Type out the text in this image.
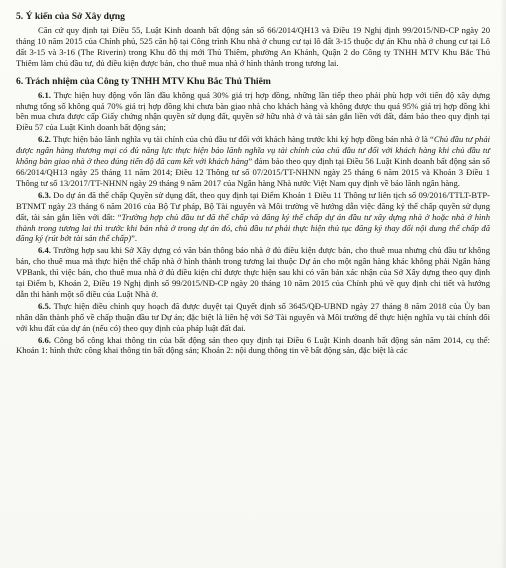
5. Ý kiến của Sở Xây dựng

Căn cứ quy định tại Điều 55, Luật Kinh doanh bất động sản số 66/2014/QH13 và Điều 19 Nghị định 99/2015/NĐ-CP ngày 20 tháng 10 năm 2015 của Chính phủ, 525 căn hộ tại Công trình Khu nhà ở chung cư tại lô đất 3-15 thuộc dự án Khu nhà ở chung cư tại Lô đất 3-15 và 3-16 (The Riverin) trong Khu đô thị mới Thủ Thiêm, phường An Khánh, Quận 2 do Công ty TNHH MTV Khu Bắc Thủ Thiêm làm chủ đầu tư, đủ điều kiện được bán, cho thuê mua nhà ở hình thành trong tương lai.

6. Trách nhiệm của Công ty TNHH MTV Khu Bắc Thủ Thiêm

6.1. Thực hiện huy động vốn lần đầu không quá 30% giá trị hợp đồng, những lần tiếp theo phải phù hợp với tiến độ xây dựng nhưng tổng số không quá 70% giá trị hợp đồng khi chưa bàn giao nhà cho khách hàng và không được thu quá 95% giá trị hợp đồng khi bên mua chưa được cấp Giấy chứng nhận quyền sử dụng đất, quyền sở hữu nhà ở và tài sản gắn liền với đất, đảm bảo theo quy định tại Điều 57 của Luật Kinh doanh bất động sản;

6.2. Thực hiện bảo lãnh nghĩa vụ tài chính của chủ đầu tư đối với khách hàng trước khi ký hợp đồng bán nhà ở là “Chủ đầu tư phải được ngân hàng thương mại có đủ năng lực thực hiện bảo lãnh nghĩa vụ tài chính của chủ đầu tư đối với khách hàng khi chủ đầu tư không bàn giao nhà ở theo đúng tiến độ đã cam kết với khách hàng” đảm bảo theo quy định tại Điều 56 Luật Kinh doanh bất động sản số 66/2014/QH13 ngày 25 tháng 11 năm 2014; Điều 12 Thông tư số 07/2015/TT-NHNN ngày 25 tháng 6 năm 2015 và Khoản 3 Điều 1 Thông tư số 13/2017/TT-NHNN ngày 29 tháng 9 năm 2017 của Ngân hàng Nhà nước Việt Nam quy định về bảo lãnh ngân hàng.

6.3. Do dự án đã thế chấp Quyền sử dụng đất, theo quy định tại Điểm Khoản 1 Điều 11 Thông tư liên tịch số 09/2016/TTLT-BTP-BTNMT ngày 23 tháng 6 năm 2016 của Bộ Tư pháp, Bộ Tài nguyên và Môi trường về hướng dẫn việc đăng ký thế chấp quyền sử dụng đất, tài sản gắn liền với đất: “Trường hợp chủ đầu tư đã thế chấp và đăng ký thế chấp dự án đầu tư xây dựng nhà ở hoặc nhà ở hình thành trong tương lai thì trước khi bán nhà ở trong dự án đó, chủ đầu tư phải thực hiện thủ tục đăng ký thay đổi nội dung thế chấp đã đăng ký (rút bớt tài sản thế chấp)”.

6.4. Trường hợp sau khi Sở Xây dựng có văn bản thông báo nhà ở đủ điều kiện được bán, cho thuê mua nhưng chủ đầu tư không bán, cho thuê mua mà thực hiện thế chấp nhà ở hình thành trong tương lai thuộc Dự án cho một ngân hàng khác không phải Ngân hàng VPBank, thì việc bán, cho thuê mua nhà ở đủ điều kiện chỉ được thực hiện sau khi có văn bản xác nhận của Sở Xây dựng theo quy định tại Điểm b, Khoản 2, Điều 19 Nghị định số 99/2015/NĐ-CP ngày 20 tháng 10 năm 2015 của Chính phủ về quy định chi tiết và hướng dẫn thi hành một số điều của Luật Nhà ở.

6.5. Thực hiện điều chỉnh quy hoạch đã được duyệt tại Quyết định số 3645/QĐ-UBND ngày 27 tháng 8 năm 2018 của Ủy ban nhân dân thành phố về chấp thuận đầu tư Dự án; đặc biệt là liên hệ với Sở Tài nguyên và Môi trường để thực hiện nghĩa vụ tài chính đối với khu đất của dự án (nếu có) theo quy định của pháp luật đất đai.

6.6. Công bố công khai thông tin của bất động sản theo quy định tại Điều 6 Luật Kinh doanh bất động sản năm 2014, cụ thể: Khoản 1: hình thức công khai thông tin bất động sản; Khoản 2: nội dung thông tin về bất động sản, đặc biệt là các
